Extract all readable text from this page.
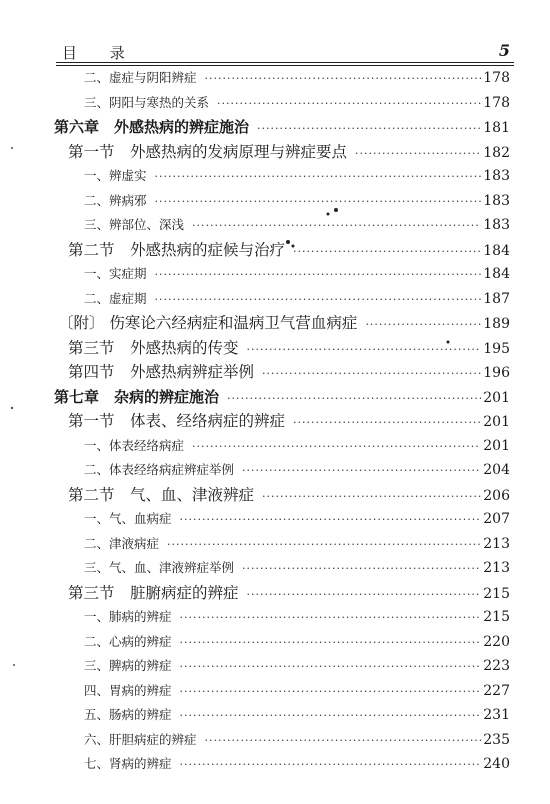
目 录	5
二、虚症与阴阳辨症 ·····	178
三、阴阳与寒热的关系 ·····	178
第六章　外感热病的辨症施治 ·····	181
第一节　外感热病的发病原理与辨症要点 ·····	182
一、辨虚实 ·····	183
二、辨病邪 ·····	183
三、辨部位、深浅 ·····	183
第二节　外感热病的症候与治疗 ·····	184
一、实症期 ·····	184
二、虚症期 ·····	187
〔附〕 伤寒论六经病症和温病卫气营血病症 ·····	189
第三节　外感热病的传变 ·····	195
第四节　外感热病辨症举例 ·····	196
第七章　杂病的辨症施治 ·····	201
第一节　体表、经络病症的辨症 ·····	201
一、体表经络病症 ·····	201
二、体表经络病症辨症举例 ·····	204
第二节　气、血、津液辨症 ·····	206
一、气、血病症 ·····	207
二、津液病症 ·····	213
三、气、血、津液辨症举例 ·····	213
第三节　脏腑病症的辨症 ·····	215
一、肺病的辨症 ·····	215
二、心病的辨症 ·····	220
三、脾病的辨症 ·····	223
四、胃病的辨症 ·····	227
五、肠病的辨症 ·····	231
六、肝胆病症的辨症 ·····	235
七、肾病的辨症 ·····	240
